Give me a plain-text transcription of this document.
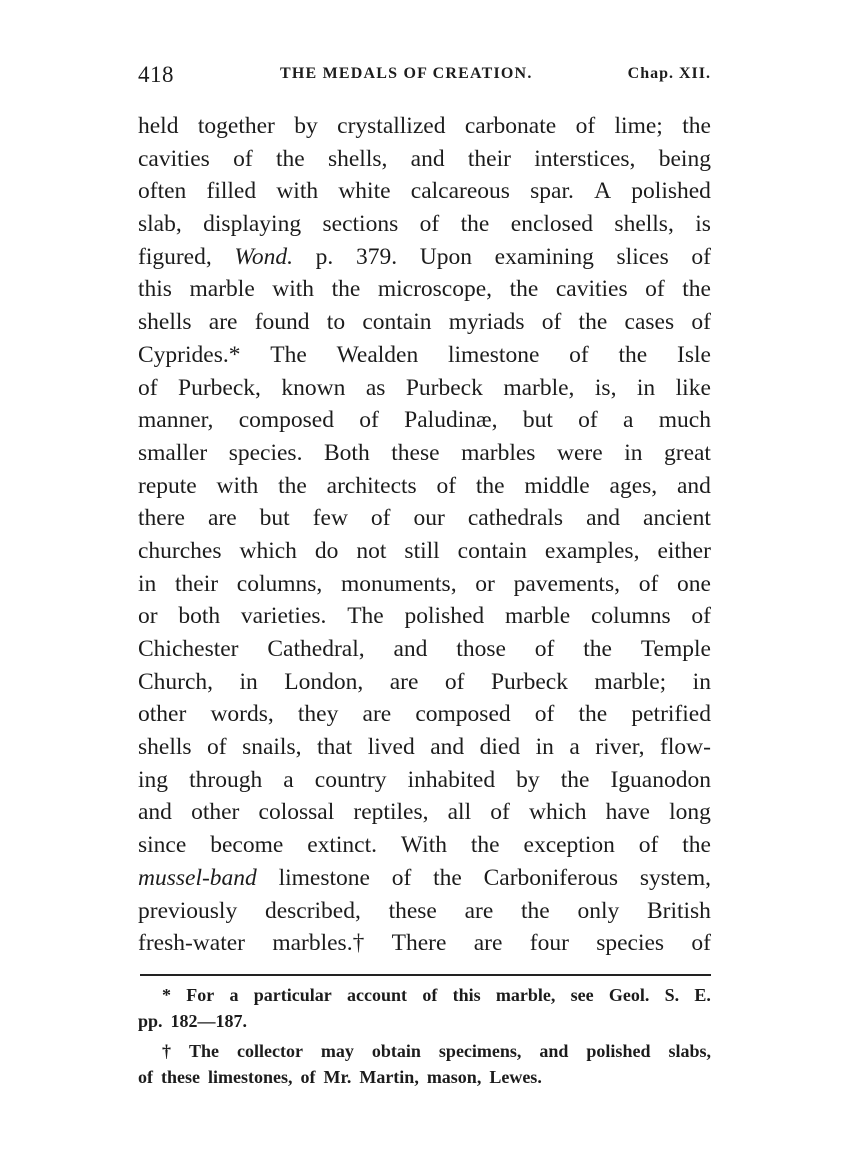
418	THE MEDALS OF CREATION.	Chap. XII.
held together by crystallized carbonate of lime; the
cavities of the shells, and their interstices, being
often filled with white calcareous spar. A polished
slab, displaying sections of the enclosed shells, is
figured, Wond. p. 379. Upon examining slices of
this marble with the microscope, the cavities of the
shells are found to contain myriads of the cases of
Cyprides.* The Wealden limestone of the Isle
of Purbeck, known as Purbeck marble, is, in like
manner, composed of Paludinæ, but of a much
smaller species. Both these marbles were in great
repute with the architects of the middle ages, and
there are but few of our cathedrals and ancient
churches which do not still contain examples, either
in their columns, monuments, or pavements, of one
or both varieties. The polished marble columns of
Chichester Cathedral, and those of the Temple
Church, in London, are of Purbeck marble; in
other words, they are composed of the petrified
shells of snails, that lived and died in a river, flow-
ing through a country inhabited by the Iguanodon
and other colossal reptiles, all of which have long
since become extinct. With the exception of the
mussel-band limestone of the Carboniferous system,
previously described, these are the only British
fresh-water marbles.† There are four species of
* For a particular account of this marble, see Geol. S. E.
pp. 182—187.
† The collector may obtain specimens, and polished slabs,
of these limestones, of Mr. Martin, mason, Lewes.
